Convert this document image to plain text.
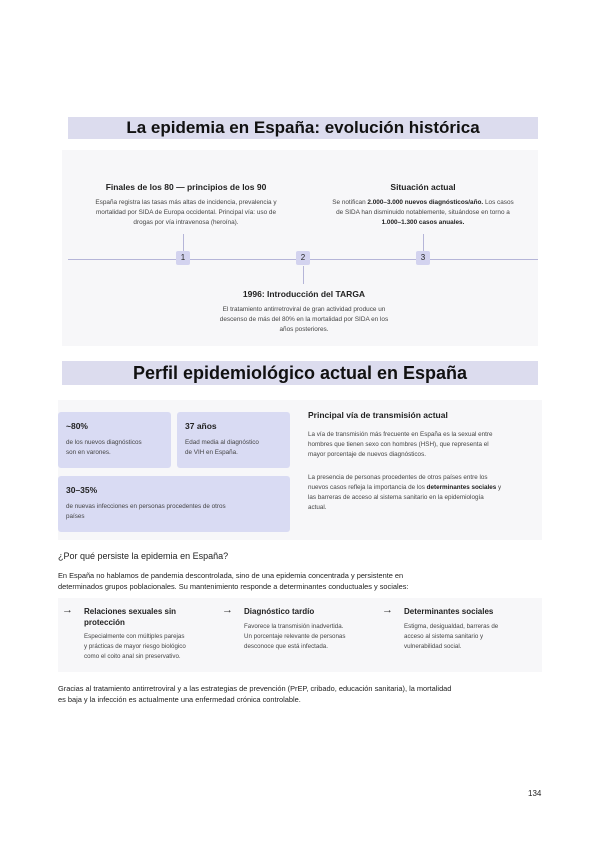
La epidemia en España: evolución histórica
Finales de los 80 — principios de los 90
España registra las tasas más altas de incidencia, prevalencia y
mortalidad por SIDA de Europa occidental. Principal vía: uso de
drogas por vía intravenosa (heroína).
Situación actual
Se notifican 2.000–3.000 nuevos diagnósticos/año. Los casos
de SIDA han disminuido notablemente, situándose en torno a
1.000–1.300 casos anuales.
1	2	3
1996: Introducción del TARGA
El tratamiento antirretroviral de gran actividad produce un
descenso de más del 80% en la mortalidad por SIDA en los
años posteriores.
Perfil epidemiológico actual en España
~80%
de los nuevos diagnósticos
son en varones.
37 años
Edad media al diagnóstico
de VIH en España.
30–35%
de nuevas infecciones en personas procedentes de otros
países
Principal vía de transmisión actual
La vía de transmisión más frecuente en España es la sexual entre
hombres que tienen sexo con hombres (HSH), que representa el
mayor porcentaje de nuevos diagnósticos.
La presencia de personas procedentes de otros países entre los
nuevos casos refleja la importancia de los determinantes sociales y
las barreras de acceso al sistema sanitario en la epidemiología
actual.
¿Por qué persiste la epidemia en España?
En España no hablamos de pandemia descontrolada, sino de una epidemia concentrada y persistente en
determinados grupos poblacionales. Su mantenimiento responde a determinantes conductuales y sociales:
→ Relaciones sexuales sin
protección
Especialmente con múltiples parejas
y prácticas de mayor riesgo biológico
como el coito anal sin preservativo.
→ Diagnóstico tardío
Favorece la transmisión inadvertida.
Un porcentaje relevante de personas
desconoce que está infectada.
→ Determinantes sociales
Estigma, desigualdad, barreras de
acceso al sistema sanitario y
vulnerabilidad social.
Gracias al tratamiento antirretroviral y a las estrategias de prevención (PrEP, cribado, educación sanitaria), la mortalidad
es baja y la infección es actualmente una enfermedad crónica controlable.
134
